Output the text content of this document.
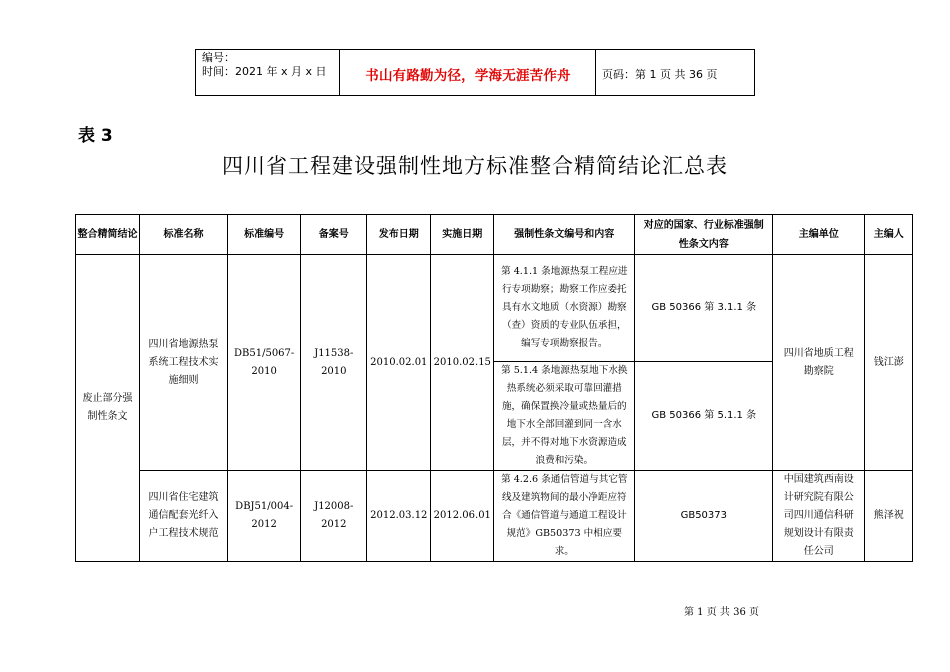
编号：
时间：2021 年 x 月 x 日	书山有路勤为径，学海无涯苦作舟	页码：第 1 页 共 36 页
表 3
四川省工程建设强制性地方标准整合精简结论汇总表
整合精简结论	标准名称	标准编号	备案号	发布日期	实施日期	强制性条文编号和内容	对应的国家、行业标准强制性条文内容	主编单位	主编人
废止部分强制性条文	四川省地源热泵系统工程技术实施细则	DB51/5067-2010	J11538-2010	2010.02.01	2010.02.15	第 4.1.1 条地源热泵工程应进行专项勘察；勘察工作应委托具有水文地质（水资源）勘察（查）资质的专业队伍承担，编写专项勘察报告。	GB 50366 第 3.1.1 条	四川省地质工程勘察院	钱江澎
						第 5.1.4 条地源热泵地下水换热系统必须采取可靠回灌措施，确保置换冷量或热量后的地下水全部回灌到同一含水层，并不得对地下水资源造成浪费和污染。	GB 50366 第 5.1.1 条		
	四川省住宅建筑通信配套光纤入户工程技术规范	DBJ51/004-2012	J12008-2012	2012.03.12	2012.06.01	第 4.2.6 条通信管道与其它管线及建筑物间的最小净距应符合《通信管道与通道工程设计规范》GB50373 中相应要求。	GB50373	中国建筑西南设计研究院有限公司四川通信科研规划设计有限责任公司	熊泽祝
第 1 页 共 36 页
